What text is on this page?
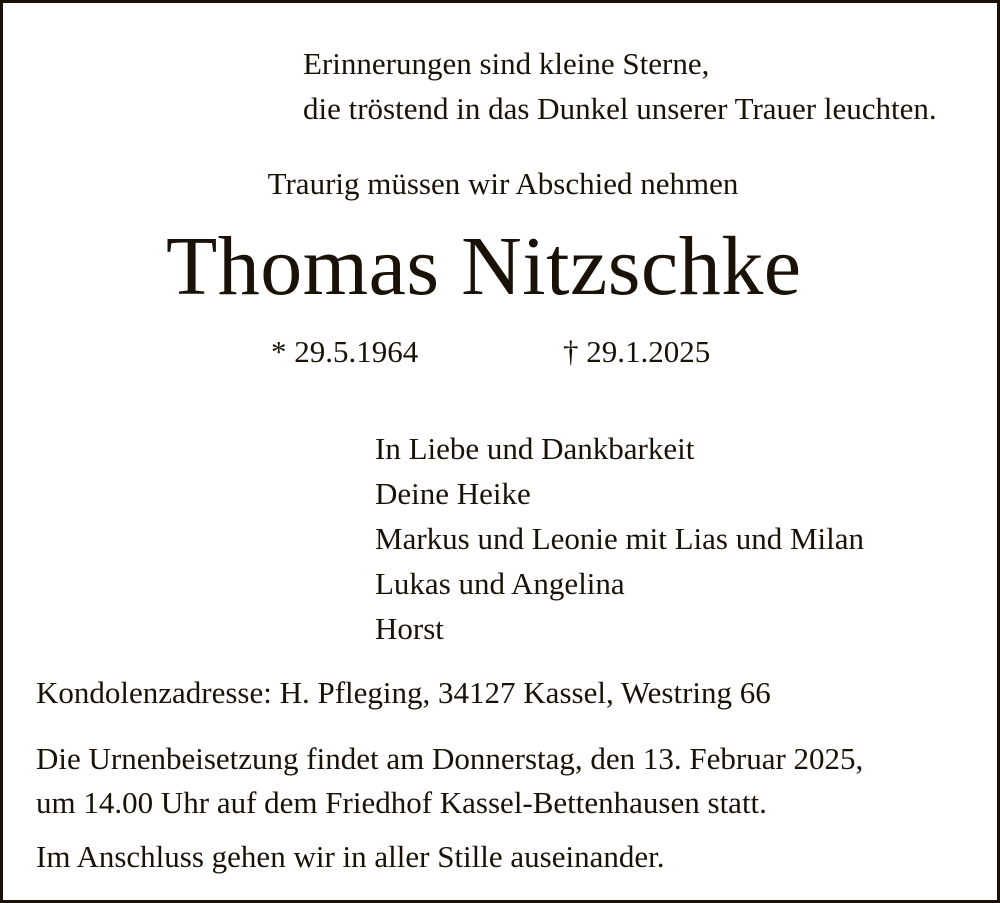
Erinnerungen sind kleine Sterne,
die tröstend in das Dunkel unserer Trauer leuchten.
Traurig müssen wir Abschied nehmen
Thomas Nitzschke
* 29.5.1964	† 29.1.2025
In Liebe und Dankbarkeit
Deine Heike
Markus und Leonie mit Lias und Milan
Lukas und Angelina
Horst
Kondolenzadresse: H. Pfleging, 34127 Kassel, Westring 66
Die Urnenbeisetzung findet am Donnerstag, den 13. Februar 2025,
um 14.00 Uhr auf dem Friedhof Kassel-Bettenhausen statt.
Im Anschluss gehen wir in aller Stille auseinander.
